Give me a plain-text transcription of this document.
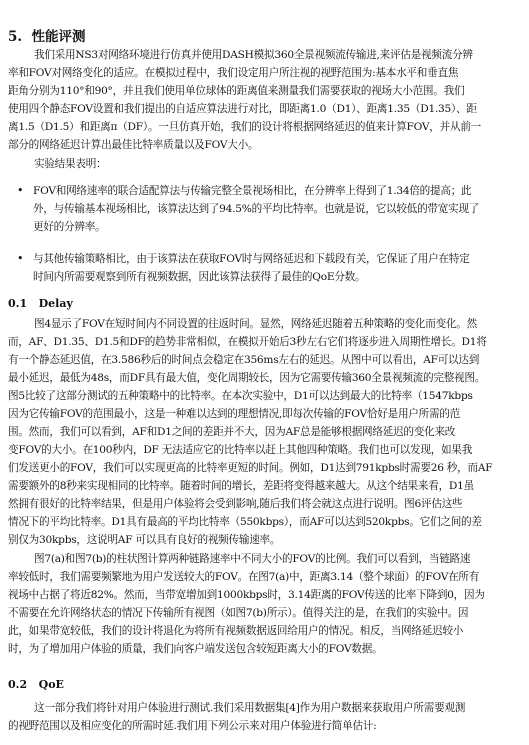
5. 性能评测
我们采用NS3对网络环境进行仿真并使用DASH模拟360全景视频流传输进,来评估是视频流分辨
率和FOV对网络变化的适应。在模拟过程中，我们设定用户所注视的视野范围为:基本水平和垂直焦
距角分别为110°和90°，并且我们使用单位球体的距离值来测量我们需要获取的视场大小范围。我们
使用四个静态FOV设置和我们提出的自适应算法进行对比，即距离1.0（D1）、距离1.35（D1.35）、距
离1.5（D1.5）和距离π（DF）。一旦仿真开始，我们的设计将根据网络延迟的值来计算FOV，并从前一
部分的网络延迟计算出最佳比特率质量以及FOV大小。
实验结果表明：
• FOV和网络速率的联合适配算法与传输完整全景视场相比，在分辨率上得到了1.34倍的提高；此
外，与传输基本视场相比，该算法达到了94.5%的平均比特率。也就是说，它以较低的带宽实现了
更好的分辨率。
• 与其他传输策略相比，由于该算法在获取FOV时与网络延迟和下载段有关，它保证了用户在特定
时间内所需要观察到所有视频数据，因此该算法获得了最佳的QoE分数。
0.1 Delay
图4显示了FOV在短时间内不同设置的往返时间。显然，网络延迟随着五种策略的变化而变化。然
而，AF、D1.35、D1.5和DF的趋势非常相似，在模拟开始后3秒左右它们将逐步进入周期性增长。D1将
有一个静态延迟值，在3.586秒后的时间点会稳定在356ms左右的延迟。从图中可以看出，AF可以达到
最小延迟，最低为48s，而DF具有最大值，变化周期较长，因为它需要传输360全景视频流的完整视图。
图5比较了这部分测试的五种策略中的比特率。在本次实验中，D1可以达到最大的比特率（1547kbps
因为它传输FOV的范围最小，这是一种难以达到的理想情况,即每次传输的FOV恰好是用户所需的范
围。然而，我们可以看到，AF和D1之间的差距并不大，因为AF总是能够根据网络延迟的变化来改
变FOV的大小。在100秒内，DF 无法适应它的比特率以赶上其他四种策略。我们也可以发现，如果我
们发送更小的FOV，我们可以实现更高的比特率更短的时间。例如，D1达到791kpbs时需要26 秒，而AF
需要额外的8秒来实现相同的比特率。随着时间的增长，差距将变得越来越大。从这个结果来看，D1虽
然拥有很好的比特率结果，但是用户体验将会受到影响,随后我们将会就这点进行说明。图6评估这些
情况下的平均比特率。D1具有最高的平均比特率（550kbps），而AF可以达到520kpbs。它们之间的差
别仅为30kpbs，这说明AF 可以具有良好的视频传输速率。
图7(a)和图7(b)的柱状图计算两种链路速率中不同大小的FOV的比例。我们可以看到，当链路速
率较低时，我们需要频繁地为用户发送较大的FOV。在图7(a)中，距离3.14（整个球面）的FOV在所有
视场中占据了将近82%。然而，当带宽增加到1000kbps时，3.14距离的FOV传送的比率下降到0，因为
不需要在允许网络状态的情况下传输所有视图（如图7(b)所示）。值得关注的是，在我们的实验中。因
此，如果带宽较低，我们的设计将退化为将所有视频数据返回给用户的情况。相反，当网络延迟较小
时，为了增加用户体验的质量，我们向客户端发送包含较短距离大小的FOV数据。
0.2 QoE
这一部分我们将针对用户体验进行测试.我们采用数据集[4]作为用户数据来获取用户所需要观测
的视野范围以及相应变化的所需时延.我们用下列公示来对用户体验进行简单估计:
